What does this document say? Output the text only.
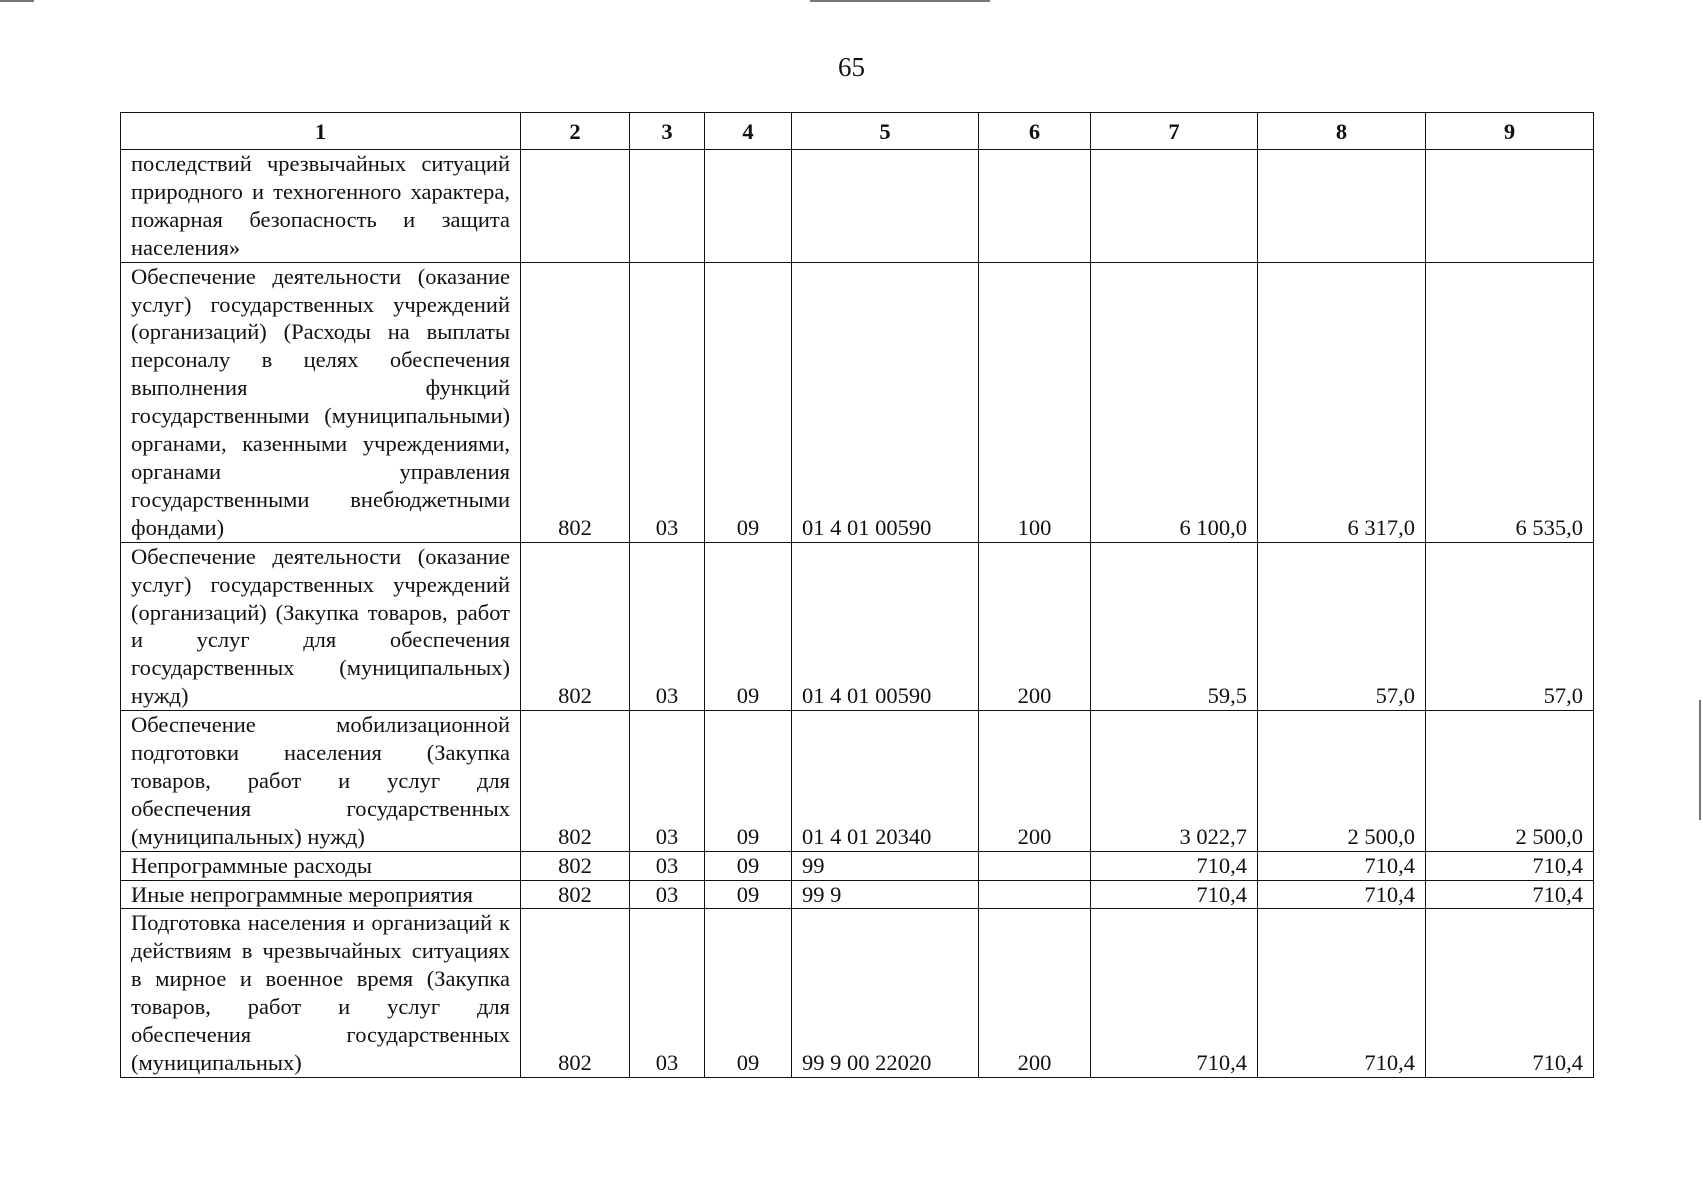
65
1	2	3	4	5	6	7	8	9
последствий чрезвычайных ситуаций природного и техногенного характера, пожарная безопасность и защита населения»								
Обеспечение деятельности (оказание услуг) государственных учреждений (организаций) (Расходы на выплаты персоналу в целях обеспечения выполнения функций государственными (муниципальными) органами, казенными учреждениями, органами управления государственными внебюджетными фондами)	802	03	09	01 4 01 00590	100	6 100,0	6 317,0	6 535,0
Обеспечение деятельности (оказание услуг) государственных учреждений (организаций) (Закупка товаров, работ и услуг для обеспечения государственных (муниципальных) нужд)	802	03	09	01 4 01 00590	200	59,5	57,0	57,0
Обеспечение мобилизационной подготовки населения (Закупка товаров, работ и услуг для обеспечения государственных (муниципальных) нужд)	802	03	09	01 4 01 20340	200	3 022,7	2 500,0	2 500,0
Непрограммные расходы	802	03	09	99		710,4	710,4	710,4
Иные непрограммные мероприятия	802	03	09	99 9		710,4	710,4	710,4
Подготовка населения и организаций к действиям в чрезвычайных ситуациях в мирное и военное время (Закупка товаров, работ и услуг для обеспечения государственных (муниципальных)	802	03	09	99 9 00 22020	200	710,4	710,4	710,4
